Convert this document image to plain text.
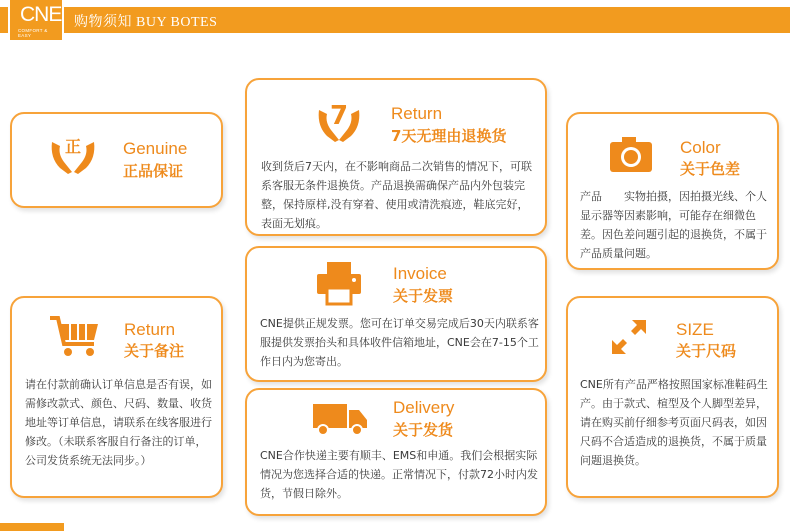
CNE
COMFORT & EASY
购物须知 BUY BOTES
正 Genuine
正品保证
7	Return
7天无理由退换货
收到货后7天内，在不影响商品二次销售的情况下，可联系客服无条件退换货。产品退换需确保产品内外包装完整，保持原样,没有穿着、使用或清洗痕迹，鞋底完好，表面无划痕。
Color
关于色差
产品　　实物拍摄，因拍摄光线、个人显示器等因素影响，可能存在细微色差。因色差问题引起的退换货，不属于产品质量问题。
Invoice
关于发票
CNE提供正规发票。您可在订单交易完成后30天内联系客服提供发票抬头和具体收件信箱地址，CNE会在7-15个工作日内为您寄出。
Return
关于备注
请在付款前确认订单信息是否有误，如需修改款式、颜色、尺码、数量、收货地址等订单信息，请联系在线客服进行修改。（未联系客服自行备注的订单，公司发货系统无法同步。）
SIZE
关于尺码
CNE所有产品严格按照国家标准鞋码生产。由于款式、楦型及个人脚型差异，请在购买前仔细参考页面尺码表，如因尺码不合适造成的退换货，不属于质量问题退换货。
Delivery
关于发货
CNE合作快递主要有顺丰、EMS和申通。我们会根据实际情况为您选择合适的快递。正常情况下，付款72小时内发货，节假日除外。
